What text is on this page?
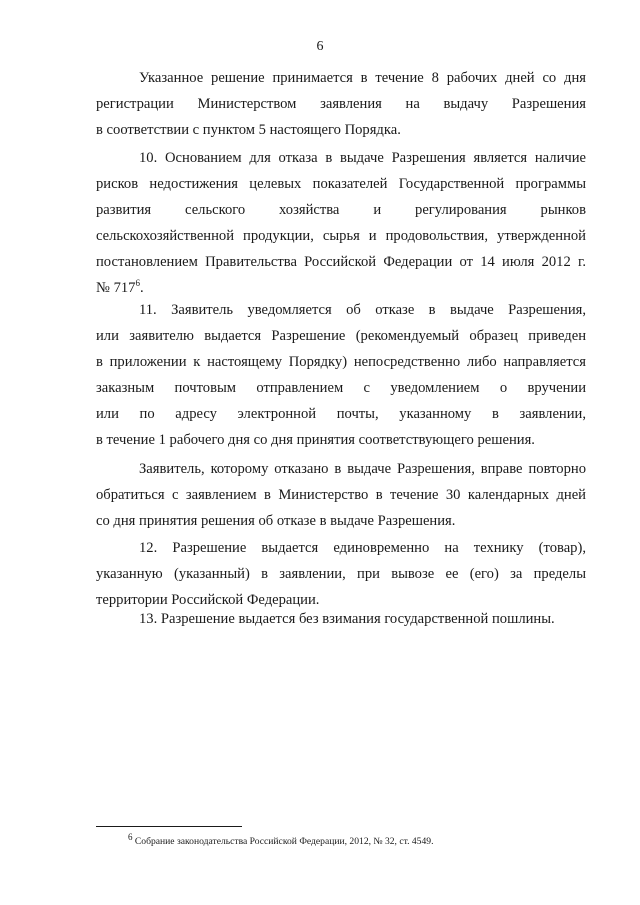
6
Указанное решение принимается в течение 8 рабочих дней со дня
регистрации Министерством заявления на выдачу Разрешения
в соответствии с пунктом 5 настоящего Порядка.
10. Основанием для отказа в выдаче Разрешения является наличие
рисков недостижения целевых показателей Государственной программы
развития сельского хозяйства и регулирования рынков
сельскохозяйственной продукции, сырья и продовольствия, утвержденной
постановлением Правительства Российской Федерации от 14 июля 2012 г.
№ $717^6$.
11. Заявитель уведомляется об отказе в выдаче Разрешения,
или заявителю выдается Разрешение (рекомендуемый образец приведен
в приложении к настоящему Порядку) непосредственно либо направляется
заказным почтовым отправлением с уведомлением о вручении
или по адресу электронной почты, указанному в заявлении,
в течение 1 рабочего дня со дня принятия соответствующего решения.
Заявитель, которому отказано в выдаче Разрешения, вправе повторно
обратиться с заявлением в Министерство в течение 30 календарных дней
со дня принятия решения об отказе в выдаче Разрешения.
12. Разрешение выдается единовременно на технику (товар),
указанную (указанный) в заявлении, при вывозе ее (его) за пределы
территории Российской Федерации.
13. Разрешение выдается без взимания государственной пошлины.
$^6$ Собрание законодательства Российской Федерации, 2012, № 32, ст. 4549.
